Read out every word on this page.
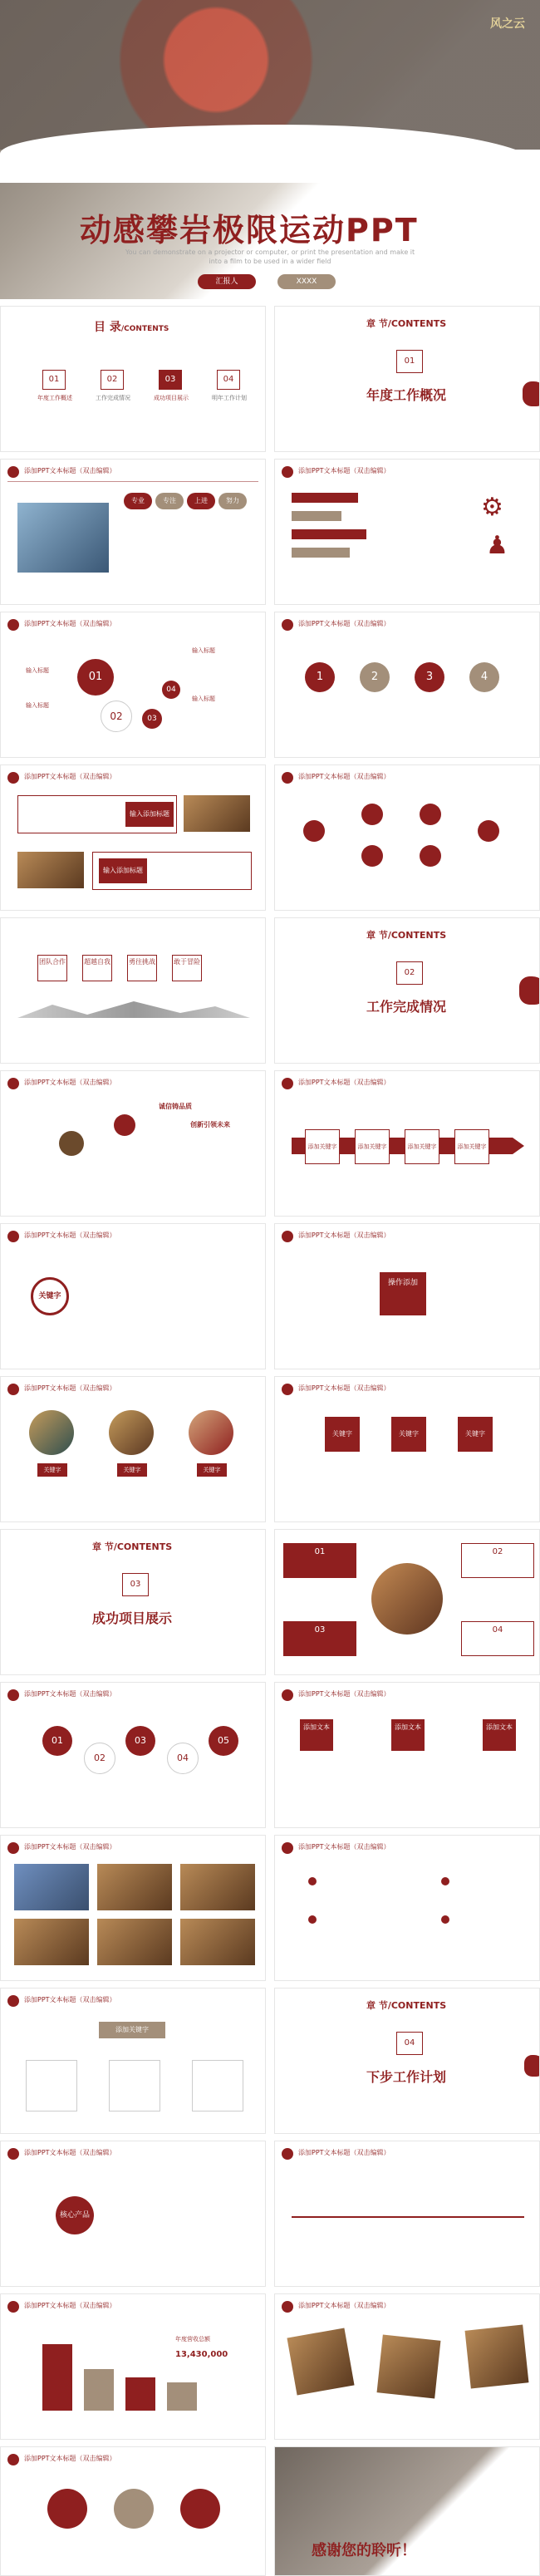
风之云
动感攀岩极限运动PPT
You can demonstrate on a projector or computer, or print the presentation and make it into a film to be used in a wider field
汇报人	XXXX
目 录/CONTENTS
01	02	03	04
年度工作概述	工作完成情况	成功项目展示	明年工作计划
章 节/CONTENTS
01
年度工作概况
添加PPT文本标题（双击编辑）
专业	专注	上进	努力
添加PPT文本标题（双击编辑）
⚙
♟
添加PPT文本标题（双击编辑）
01
02	03
04
输入标题
输入标题
输入标题
输入标题
添加PPT文本标题（双击编辑）
1	2	3	4
添加PPT文本标题（双击编辑）
输入添加标题
输入添加标题
添加PPT文本标题（双击编辑）
章 节/CONTENTS
02
工作完成情况
团队合作	超越自我	勇往挑战	敢于冒险
添加PPT文本标题（双击编辑）
诚信铸品质
创新引领未来
添加PPT文本标题（双击编辑）
添加关键字	添加关键字	添加关键字	添加关键字
添加PPT文本标题（双击编辑）
关键字
添加PPT文本标题（双击编辑）
操作添加
添加PPT文本标题（双击编辑）
关键字	关键字	关键字
添加PPT文本标题（双击编辑）
关键字	关键字	关键字
章 节/CONTENTS
03
成功项目展示
01	02
03	04
添加PPT文本标题（双击编辑）
01
02
03
04
05
添加PPT文本标题（双击编辑）
添加文本	添加文本	添加文本
添加PPT文本标题（双击编辑）	添加PPT文本标题（双击编辑）
添加PPT文本标题（双击编辑）
添加关键字
章 节/CONTENTS
04
下步工作计划
添加PPT文本标题（双击编辑）
核心产品
添加PPT文本标题（双击编辑）
添加PPT文本标题（双击编辑）
年度营收总额
13,430,000
添加PPT文本标题（双击编辑）
添加PPT文本标题（双击编辑）
感谢您的聆听！
